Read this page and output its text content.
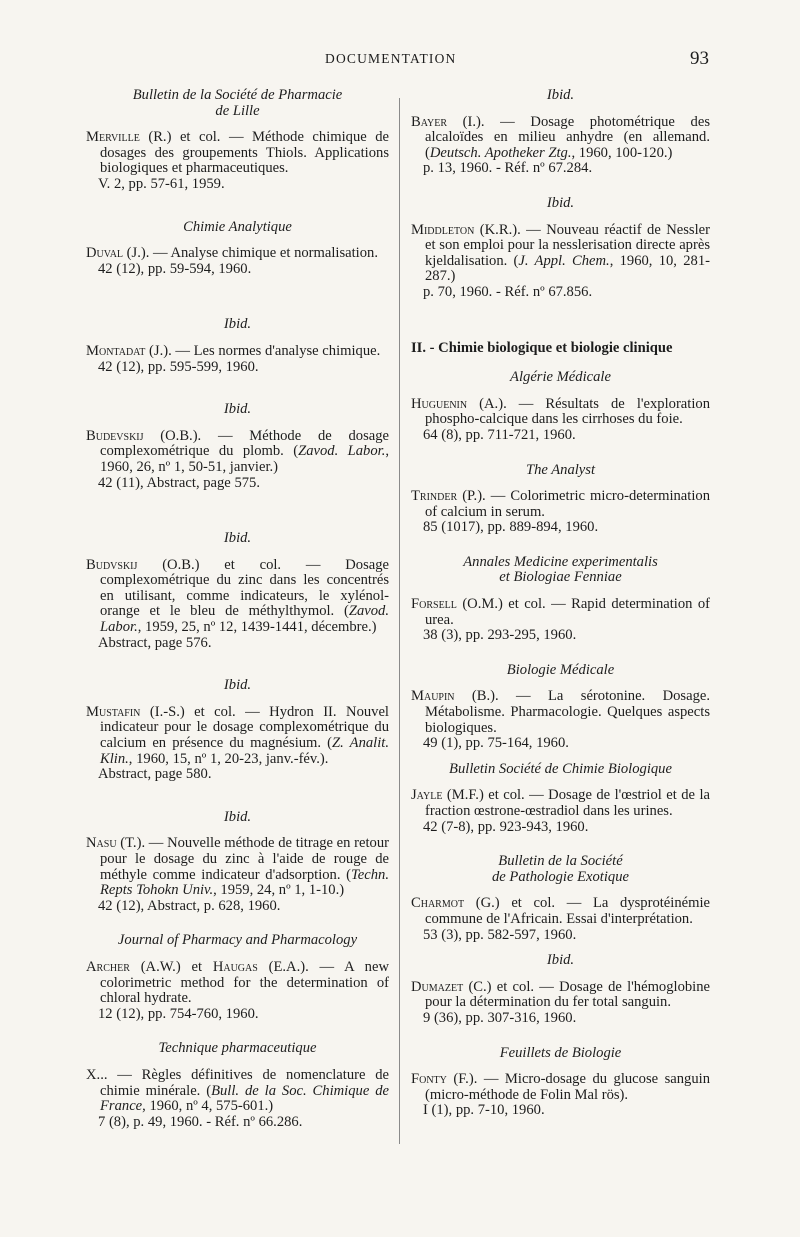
DOCUMENTATION	93
Bulletin de la Société de Pharmacie
de Lille
Merville (R.) et col. — Méthode chimique de dosages des groupements Thiols. Applications biologiques et pharmaceutiques.
V. 2, pp. 57-61, 1959.
Chimie Analytique
Duval (J.). — Analyse chimique et normalisation.
42 (12), pp. 59-594, 1960.
Ibid.
Montadat (J.). — Les normes d'analyse chimique.
42 (12), pp. 595-599, 1960.
Ibid.
Budevskij (O.B.). — Méthode de dosage complexométrique du plomb. (Zavod. Labor., 1960, 26, nº 1, 50-51, janvier.)
42 (11), Abstract, page 575.
Ibid.
Budvskij (O.B.) et col. — Dosage complexométrique du zinc dans les concentrés en utilisant, comme indicateurs, le xylénol-orange et le bleu de méthylthymol. (Zavod. Labor., 1959, 25, nº 12, 1439-1441, décembre.)
Abstract, page 576.
Ibid.
Mustafin (I.-S.) et col. — Hydron II. Nouvel indicateur pour le dosage complexométrique du calcium en présence du magnésium. (Z. Analit. Klin., 1960, 15, nº 1, 20-23, janv.-fév.).
Abstract, page 580.
Ibid.
Nasu (T.). — Nouvelle méthode de titrage en retour pour le dosage du zinc à l'aide de rouge de méthyle comme indicateur d'adsorption. (Techn. Repts Tohokn Univ., 1959, 24, nº 1, 1-10.)
42 (12), Abstract, p. 628, 1960.
Journal of Pharmacy and Pharmacology
Archer (A.W.) et Haugas (E.A.). — A new colorimetric method for the determination of chloral hydrate.
12 (12), pp. 754-760, 1960.
Technique pharmaceutique
X... — Règles définitives de nomenclature de chimie minérale. (Bull. de la Soc. Chimique de France, 1960, nº 4, 575-601.)
7 (8), p. 49, 1960. - Réf. nº 66.286.
Ibid.
Bayer (I.). — Dosage photométrique des alcaloïdes en milieu anhydre (en allemand. (Deutsch. Apotheker Ztg., 1960, 100-120.)
p. 13, 1960. - Réf. nº 67.284.
Ibid.
Middleton (K.R.). — Nouveau réactif de Nessler et son emploi pour la nesslerisation directe après kjeldalisation. (J. Appl. Chem., 1960, 10, 281-287.)
p. 70, 1960. - Réf. nº 67.856.
II. - Chimie biologique et biologie clinique
Algérie Médicale
Huguenin (A.). — Résultats de l'exploration phospho-calcique dans les cirrhoses du foie.
64 (8), pp. 711-721, 1960.
The Analyst
Trinder (P.). — Colorimetric micro-determination of calcium in serum.
85 (1017), pp. 889-894, 1960.
Annales Medicine experimentalis
et Biologiae Fenniae
Forsell (O.M.) et col. — Rapid determination of urea.
38 (3), pp. 293-295, 1960.
Biologie Médicale
Maupin (B.). — La sérotonine. Dosage. Métabolisme. Pharmacologie. Quelques aspects biologiques.
49 (1), pp. 75-164, 1960.
Bulletin Société de Chimie Biologique
Jayle (M.F.) et col. — Dosage de l'œstriol et de la fraction œstrone-œstradiol dans les urines.
42 (7-8), pp. 923-943, 1960.
Bulletin de la Société
de Pathologie Exotique
Charmot (G.) et col. — La dysprotéinémie commune de l'Africain. Essai d'interprétation.
53 (3), pp. 582-597, 1960.
Ibid.
Dumazet (C.) et col. — Dosage de l'hémoglobine pour la détermination du fer total sanguin.
9 (36), pp. 307-316, 1960.
Feuillets de Biologie
Fonty (F.). — Micro-dosage du glucose sanguin (micro-méthode de Folin Mal rös).
I (1), pp. 7-10, 1960.
